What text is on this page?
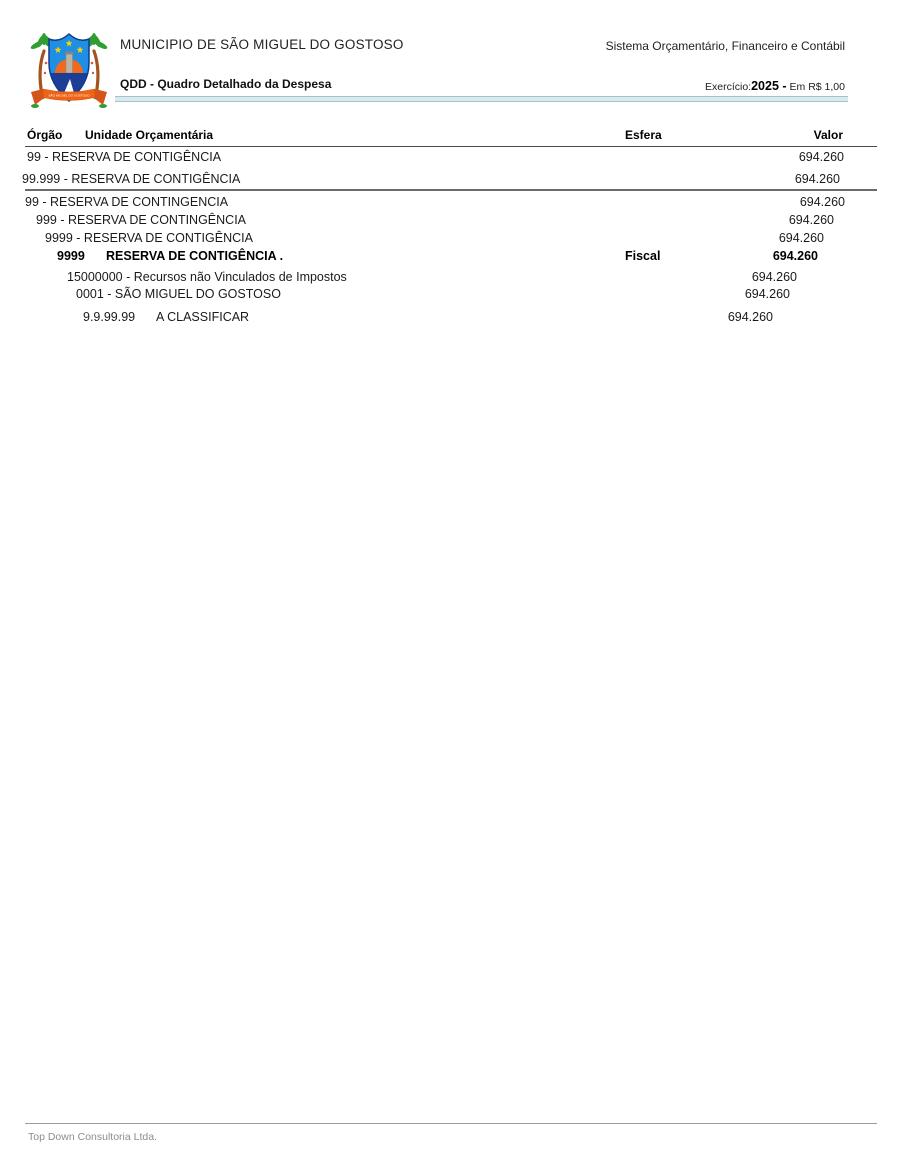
SÃO MIGUEL DO GOSTOSO
MUNICIPIO DE SÃO MIGUEL DO GOSTOSO
QDD - Quadro Detalhado da Despesa
Sistema Orçamentário, Financeiro e Contábil
Exercício:2025 - Em R$ 1,00
Órgão Unidade Orçamentária	Esfera	Valor
99 - RESERVA DE CONTIGÊNCIA	694.260
99.999 - RESERVA DE CONTIGÊNCIA	694.260
99 - RESERVA DE CONTINGENCIA	694.260
999 - RESERVA DE CONTINGÊNCIA	694.260
9999 - RESERVA DE CONTIGÊNCIA	694.260
9999 RESERVA DE CONTIGÊNCIA .	Fiscal	694.260
15000000 - Recursos não Vinculados de Impostos	694.260
0001 - SÃO MIGUEL DO GOSTOSO	694.260
9.9.99.99 A CLASSIFICAR	694.260
Top Down Consultoria Ltda.
